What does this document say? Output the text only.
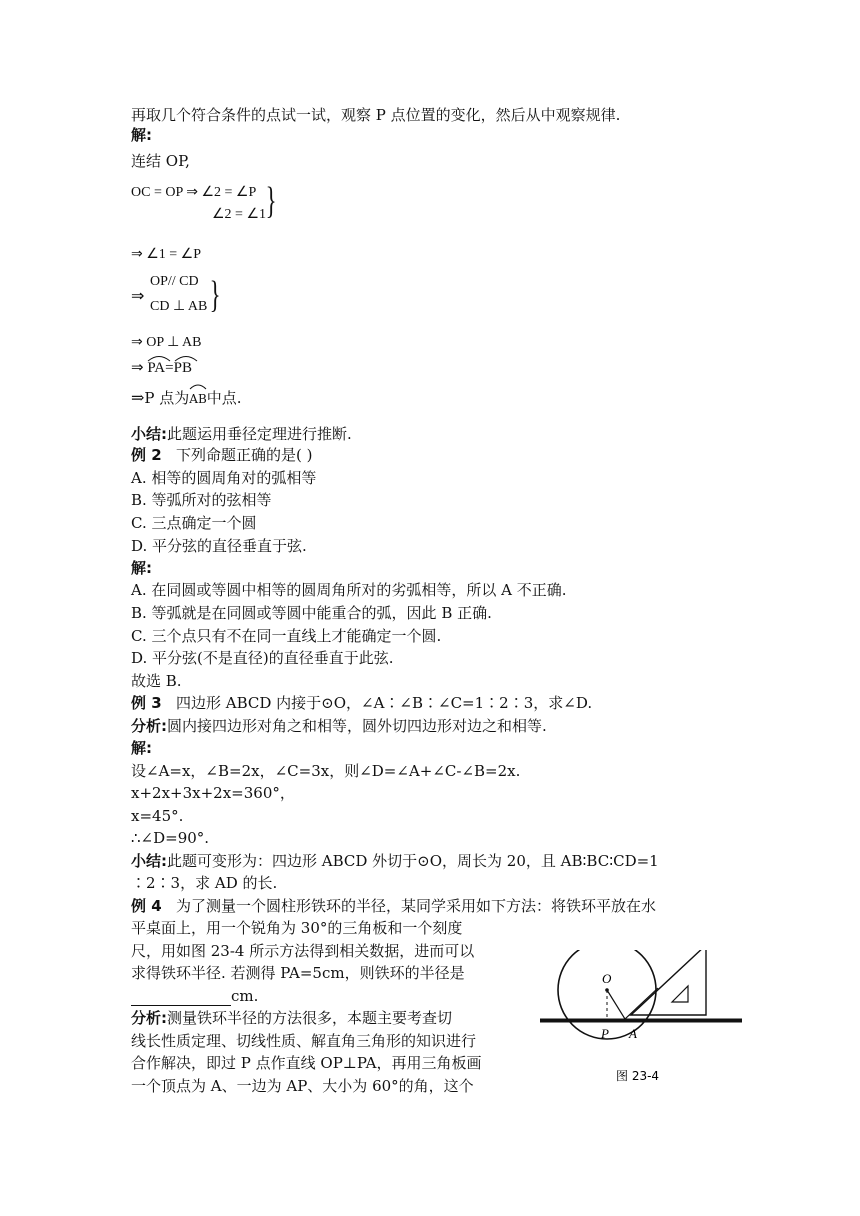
再取几个符合条件的点试一试，观察 P 点位置的变化，然后从中观察规律.
解:
连结 OP,
OC = OP ⇒ ∠2 = ∠P
∠2 = ∠1 }
⇒ ∠1 = ∠P
⇒
OP// CD
CD ⊥ AB }
⇒ OP ⊥ AB
⇒ PA=
PB
⇒P 点为
AB中点.
小结:此题运用垂径定理进行推断.
例 2 下列命题正确的是( )
A. 相等的圆周角对的弧相等
B. 等弧所对的弦相等
C. 三点确定一个圆
D. 平分弦的直径垂直于弦.
解:
A. 在同圆或等圆中相等的圆周角所对的劣弧相等，所以 A 不正确.
B. 等弧就是在同圆或等圆中能重合的弧，因此 B 正确.
C. 三个点只有不在同一直线上才能确定一个圆.
D. 平分弦(不是直径)的直径垂直于此弦.
故选 B.
例 3 四边形 ABCD 内接于⊙O，∠A∶∠B∶∠C=1∶2∶3，求∠D.
分析:圆内接四边形对角之和相等，圆外切四边形对边之和相等.
解:
设∠A=x，∠B=2x，∠C=3x，则∠D=∠A+∠C-∠B=2x.
x+2x+3x+2x=360°，
x=45°.
∴∠D=90°.
小结:此题可变形为：四边形 ABCD 外切于⊙O，周长为 20，且 AB∶BC∶CD=1
∶2∶3，求 AD 的长.
例 4 为了测量一个圆柱形铁环的半径，某同学采用如下方法：将铁环平放在水
平桌面上，用一个锐角为 30°的三角板和一个刻度
尺，用如图 23-4 所示方法得到相关数据，进而可以
求得铁环半径. 若测得 PA=5cm，则铁环的半径是
cm.
分析:测量铁环半径的方法很多，本题主要考查切
线长性质定理、切线性质、解直角三角形的知识进行
合作解决，即过 P 点作直线 OP⊥PA，再用三角板画
一个顶点为 A、一边为 AP、大小为 60°的角，这个
O
P A
图 23-4
